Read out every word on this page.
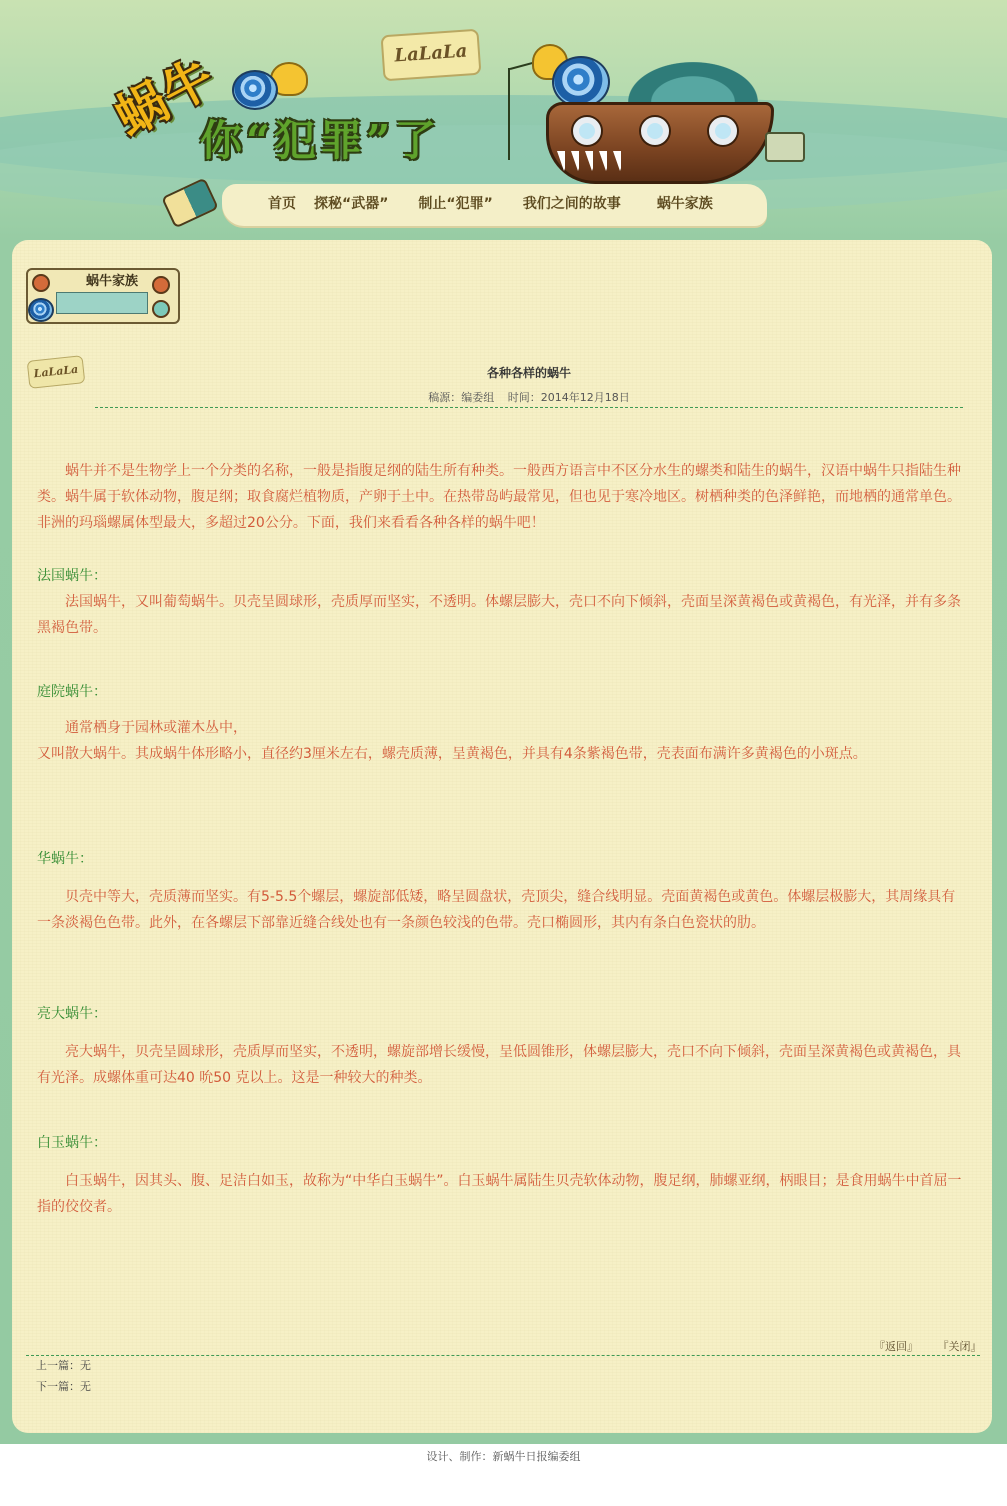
蜗牛
你“犯罪”了
LaLaLa
首页 探秘“武器” 制止“犯罪” 我们之间的故事	蜗牛家族
蜗牛家族
LaLaLa	各种各样的蜗牛
稿源：编委组 时间：2014年12月18日

蜗牛并不是生物学上一个分类的名称，一般是指腹足纲的陆生所有种类。一般西方语言中不区分水生的螺类和陆生的蜗牛，汉语中蜗牛只指陆生种类。蜗牛属于软体动物，腹足纲；取食腐烂植物质，产卵于土中。在热带岛屿最常见，但也见于寒冷地区。树栖种类的色泽鲜艳，而地栖的通常单色。非洲的玛瑙螺属体型最大，多超过20公分。下面，我们来看看各种各样的蜗牛吧！

法国蜗牛：

法国蜗牛，又叫葡萄蜗牛。贝壳呈圆球形，壳质厚而坚实，不透明。体螺层膨大，壳口不向下倾斜，壳面呈深黄褐色或黄褐色，有光泽，并有多条黑褐色带。

庭院蜗牛：

通常栖身于园林或灌木丛中，

又叫散大蜗牛。其成蜗牛体形略小，直径约3厘米左右，螺壳质薄，呈黄褐色，并具有4条紫褐色带，壳表面布满许多黄褐色的小斑点。

华蜗牛：

贝壳中等大，壳质薄而坚实。有5-5.5个螺层，螺旋部低矮，略呈圆盘状，壳顶尖，缝合线明显。壳面黄褐色或黄色。体螺层极膨大，其周缘具有一条淡褐色色带。此外，在各螺层下部靠近缝合线处也有一条颜色较浅的色带。壳口椭圆形，其内有条白色瓷状的肋。

亮大蜗牛：

亮大蜗牛，贝壳呈圆球形，壳质厚而坚实，不透明，螺旋部增长缓慢，呈低圆锥形，体螺层膨大，壳口不向下倾斜，壳面呈深黄褐色或黄褐色，具有光泽。成螺体重可达40 吮50 克以上。这是一种较大的种类。

白玉蜗牛：

白玉蜗牛，因其头、腹、足洁白如玉，故称为“中华白玉蜗牛”。白玉蜗牛属陆生贝壳软体动物，腹足纲，肺螺亚纲，柄眼目；是食用蜗牛中首屈一指的佼佼者。

『返回』 『关闭』
上一篇：无
下一篇：无
设计、制作：新蜗牛日报编委组
